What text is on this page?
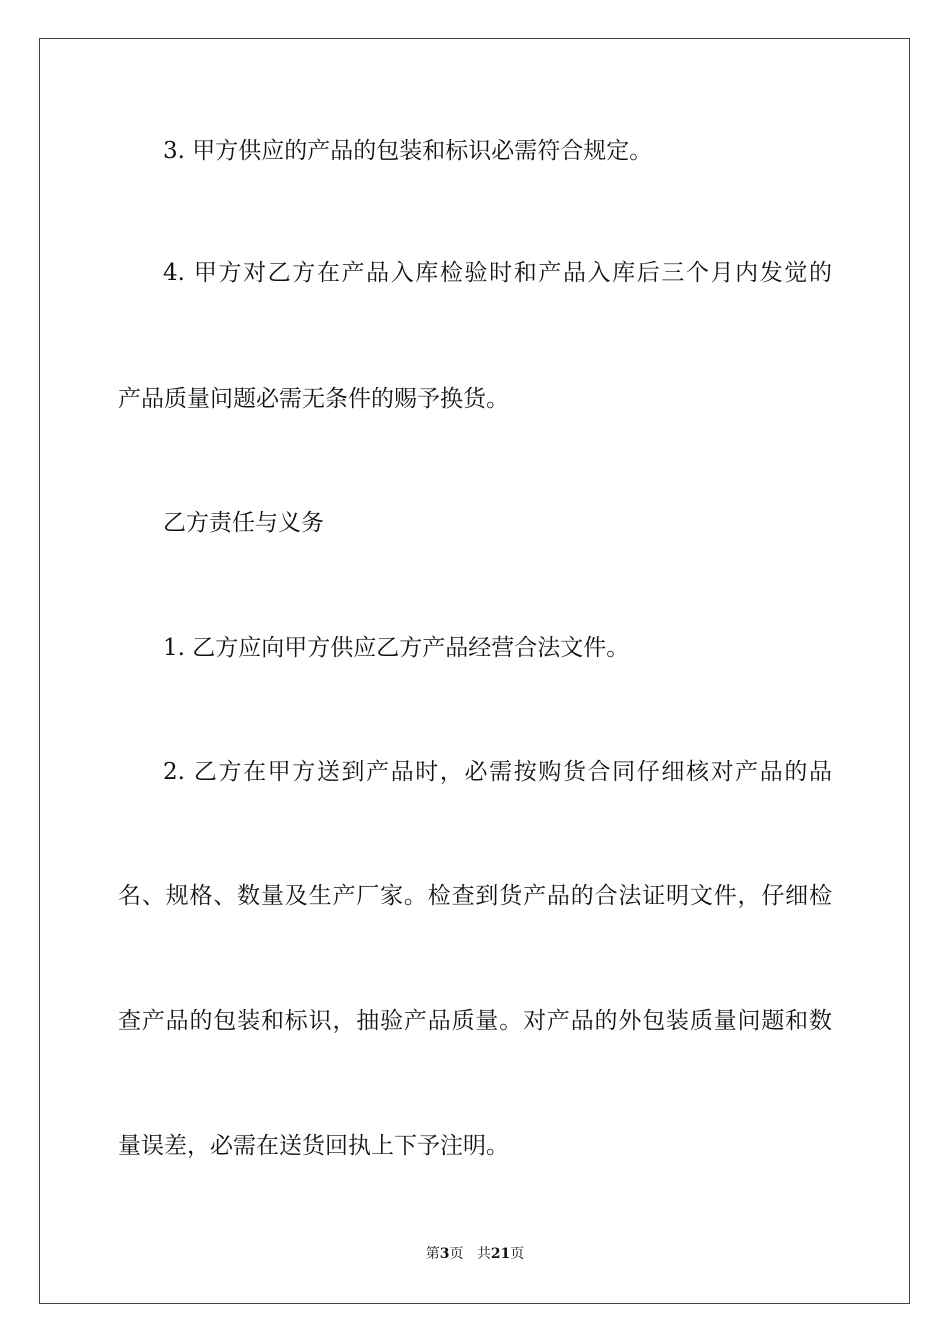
3. 甲方供应的产品的包装和标识必需符合规定。
4. 甲方对乙方在产品入库检验时和产品入库后三个月内发觉的
产品质量问题必需无条件的赐予换货。
乙方责任与义务
1. 乙方应向甲方供应乙方产品经营合法文件。
2. 乙方在甲方送到产品时，必需按购货合同仔细核对产品的品
名、规格、数量及生产厂家。检查到货产品的合法证明文件，仔细检
查产品的包装和标识，抽验产品质量。对产品的外包装质量问题和数
量误差，必需在送货回执上下予注明。
第3页 共21页
